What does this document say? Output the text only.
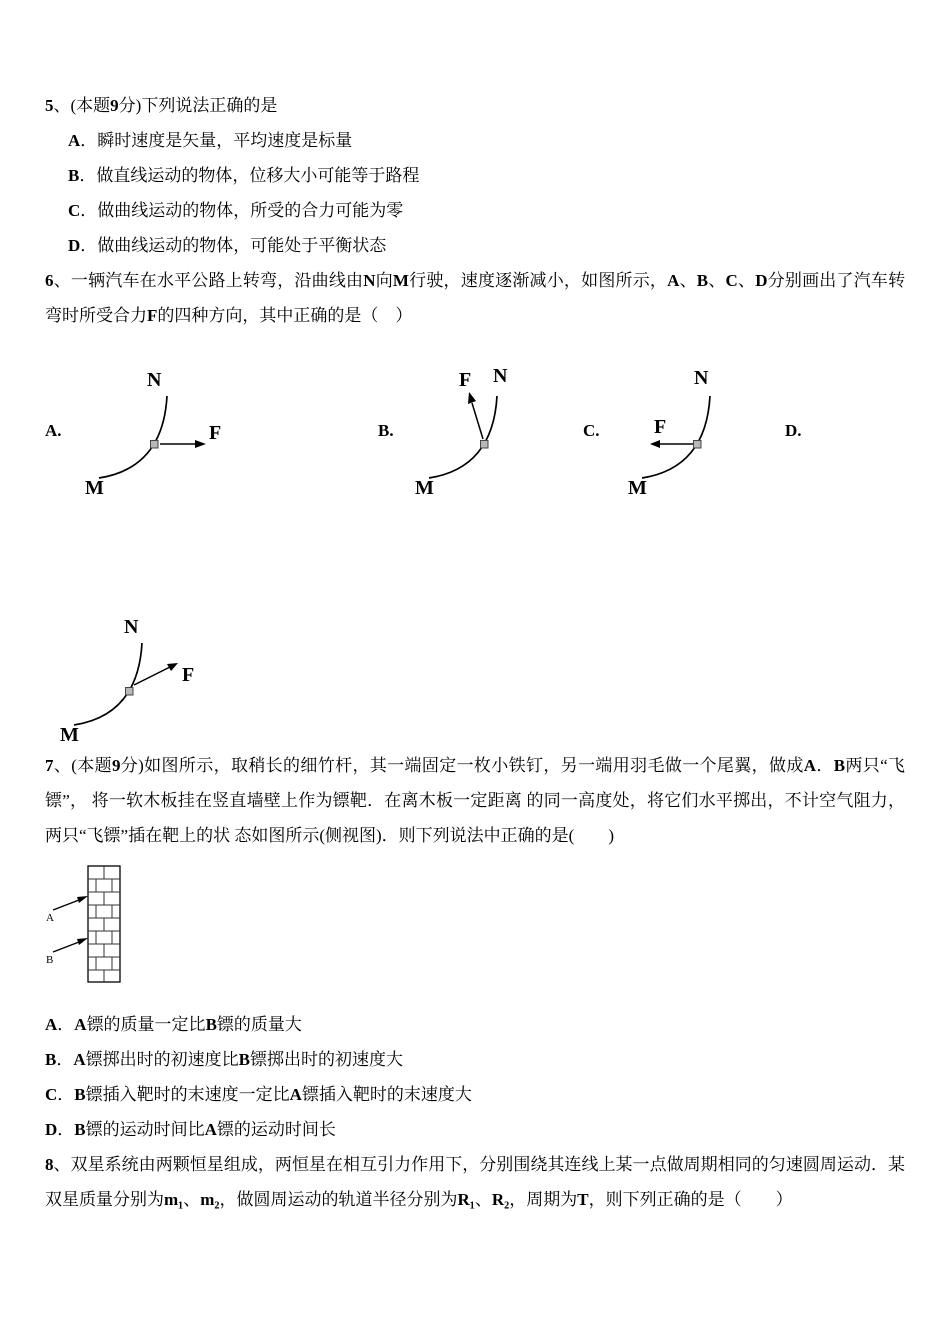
5、(本题9分)下列说法正确的是

A．瞬时速度是矢量，平均速度是标量

B．做直线运动的物体，位移大小可能等于路程

C．做曲线运动的物体，所受的合力可能为零

D．做曲线运动的物体，可能处于平衡状态

6、一辆汽车在水平公路上转弯，沿曲线由N向M行驶，速度逐渐减小，如图所示，A、B、C、D分别画出了汽车转弯时所受合力F的四种方向，其中正确的是（　）

A.	B.	C.	D.
N
M
F
N
M
F	N
M
F
N
M
F

7、(本题9分)如图所示，取稍长的细竹杆，其一端固定一枚小铁钉，另一端用羽毛做一个尾翼，做成A．B两只“飞镖”， 将一软木板挂在竖直墙壁上作为镖靶．在离木板一定距离 的同一高度处，将它们水平掷出，不计空气阻力，两只“飞镖”插在靶上的状 态如图所示(侧视图)．则下列说法中正确的是(　　)

A
B

A．A镖的质量一定比B镖的质量大

B．A镖掷出时的初速度比B镖掷出时的初速度大

C．B镖插入靶时的末速度一定比A镖插入靶时的末速度大

D．B镖的运动时间比A镖的运动时间长

8、双星系统由两颗恒星组成，两恒星在相互引力作用下，分别围绕其连线上某一点做周期相同的匀速圆周运动．某双星质量分别为m₁、m₂，做圆周运动的轨道半径分别为R₁、R₂，周期为T，则下列正确的是（　　）
